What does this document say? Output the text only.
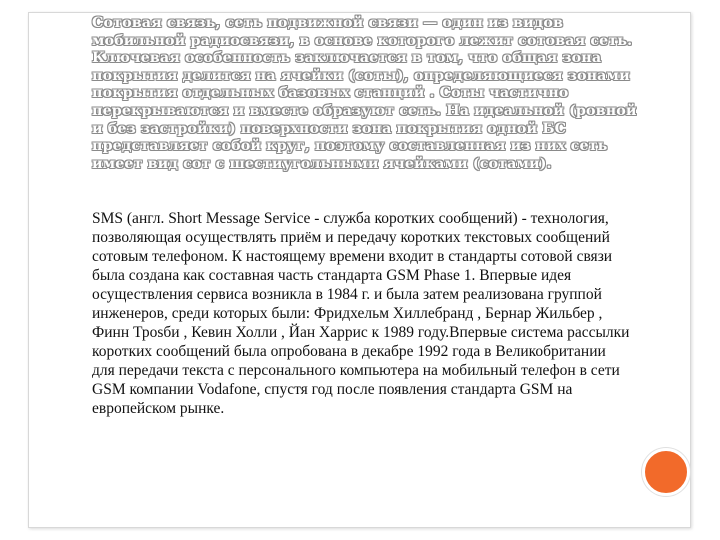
Сотовая связь, сеть подвижной связи — один из видов мобильной радиосвязи, в основе которого лежит сотовая сеть. Ключевая особенность заключается в том, что общая зона покрытия делится на ячейки (соты), определяющиеся зонами покрытия отдельных базовых станций . Соты частично перекрываются и вместе образуют сеть. На идеальной (ровной и без застройки) поверхности зона покрытия одной БС представляет собой круг, поэтому составленная из них сеть имеет вид сот с шестиугольными ячейками (сотами).

SMS (англ. Short Message Service - служба коротких сообщений) - технология, позволяющая осуществлять приём и передачу коротких текстовых сообщений сотовым телефоном. К настоящему времени входит в стандарты сотовой связи была создана как составная часть стандарта GSM Phase 1. Впервые идея осуществления сервиса возникла в 1984 г. и была затем реализована группой инженеров, среди которых были: Фридхельм Хиллебранд , Бернар Жильбер , Финн Троsби , Кевин Холли , Йан Харрис к 1989 году.Впервые система рассылки коротких сообщений была опробована в декабре 1992 года в Великобритании для передачи текста с персонального компьютера на мобильный телефон в сети GSM компании Vodafone, спустя год после появления стандарта GSM на европейском рынке.
